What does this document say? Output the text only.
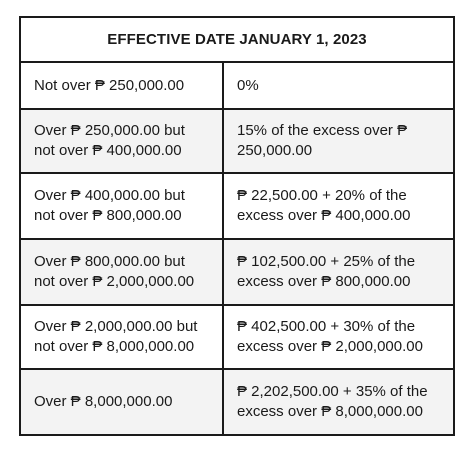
EFFECTIVE DATE JANUARY 1, 2023
Not over ₱ 250,000.00	0%
Over ₱ 250,000.00 but
not over ₱ 400,000.00
15% of the excess over ₱
250,000.00
Over ₱ 400,000.00 but
not over ₱ 800,000.00
₱ 22,500.00 + 20% of the
excess over ₱ 400,000.00
Over ₱ 800,000.00 but
not over ₱ 2,000,000.00
₱ 102,500.00 + 25% of the
excess over ₱ 800,000.00
Over ₱ 2,000,000.00 but
not over ₱ 8,000,000.00
₱ 402,500.00 + 30% of the
excess over ₱ 2,000,000.00
Over ₱ 8,000,000.00
₱ 2,202,500.00 + 35% of the
excess over ₱ 8,000,000.00
